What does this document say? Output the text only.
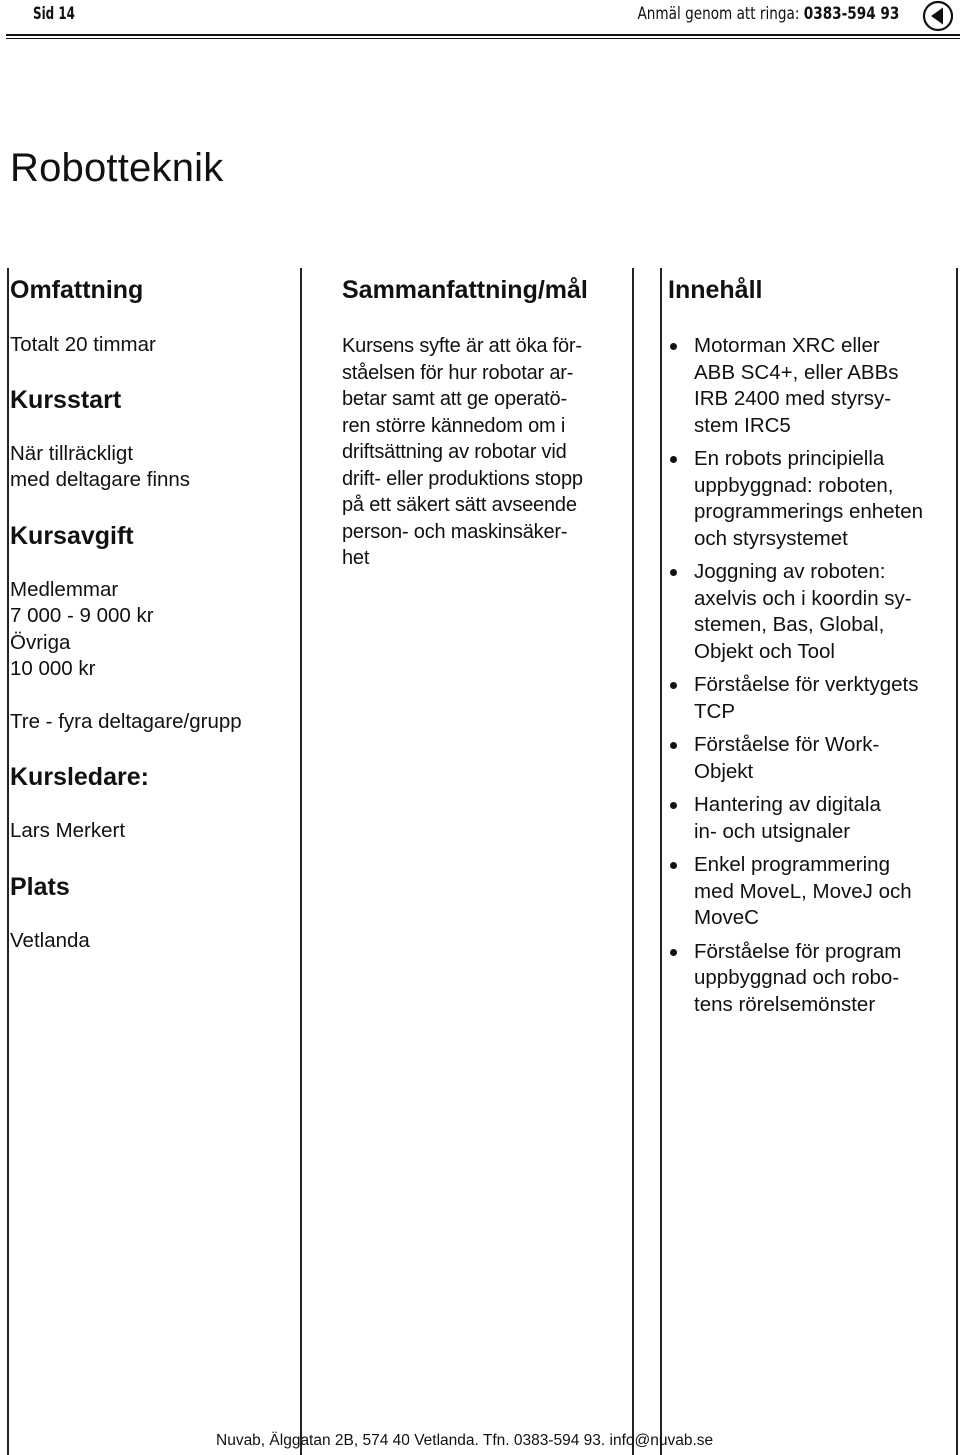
Sid 14	Anmäl genom att ringa: 0383-594 93
Robotteknik
Omfattning
Totalt 20 timmar
Kursstart
När tillräckligt
med deltagare finns
Kursavgift
Medlemmar
7 000 - 9 000 kr
Övriga
10 000 kr
Tre - fyra deltagare/grupp
Kursledare:
Lars Merkert
Plats
Vetlanda
Sammanfattning/mål
Kursens syfte är att öka för-
ståelsen för hur robotar ar-
betar samt att ge operatö-
ren större kännedom om i
driftsättning av robotar vid
drift- eller produktions stopp
på ett säkert sätt avseende
person- och maskinsäker-
het
Innehåll
Motorman XRC eller
ABB SC4+, eller ABBs
IRB 2400 med styrsy-
stem IRC5
En robots principiella
uppbyggnad: roboten,
programmerings enheten
och styrsystemet
Joggning av roboten:
axelvis och i koordin sy-
stemen, Bas, Global,
Objekt och Tool
Förståelse för verktygets
TCP
Förståelse för Work-
Objekt
Hantering av digitala
in- och utsignaler
Enkel programmering
med MoveL, MoveJ och
MoveC
Förståelse för program
uppbyggnad och robo-
tens rörelsemönster
Nuvab, Älggatan 2B, 574 40 Vetlanda. Tfn. 0383-594 93. info@nuvab.se
